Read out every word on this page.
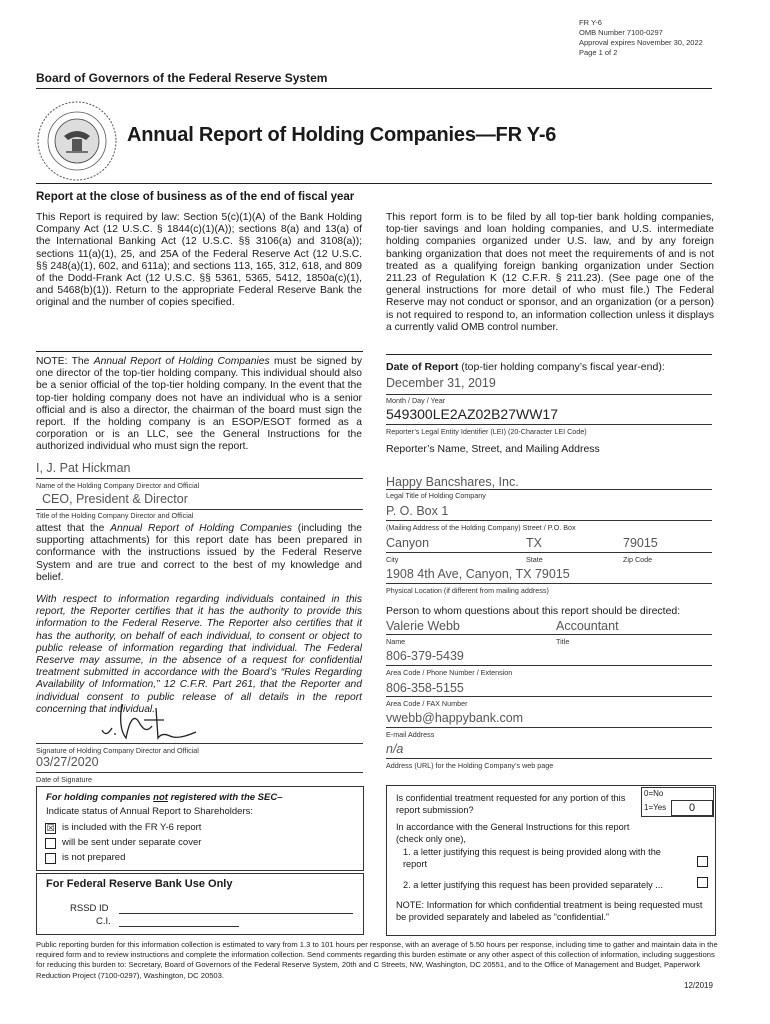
FR Y-6
OMB Number 7100-0297
Approval expires November 30, 2022
Page 1 of 2
Board of Governors of the Federal Reserve System
Annual Report of Holding Companies—FR Y-6
Report at the close of business as of the end of fiscal year
This Report is required by law: Section 5(c)(1)(A) of the Bank Holding Company Act (12 U.S.C. § 1844(c)(1)(A)); sections 8(a) and 13(a) of the International Banking Act (12 U.S.C. §§ 3106(a) and 3108(a)); sections 11(a)(1), 25, and 25A of the Federal Reserve Act (12 U.S.C. §§ 248(a)(1), 602, and 611a); and sections 113, 165, 312, 618, and 809 of the Dodd-Frank Act (12 U.S.C. §§ 5361, 5365, 5412, 1850a(c)(1), and 5468(b)(1)). Return to the appropriate Federal Reserve Bank the original and the number of copies specified.
This report form is to be filed by all top-tier bank holding companies, top-tier savings and loan holding companies, and U.S. intermediate holding companies organized under U.S. law, and by any foreign banking organization that does not meet the requirements of and is not treated as a qualifying foreign banking organization under Section 211.23 of Regulation K (12 C.F.R. § 211.23). (See page one of the general instructions for more detail of who must file.) The Federal Reserve may not conduct or sponsor, and an organization (or a person) is not required to respond to, an information collection unless it displays a currently valid OMB control number.
NOTE: The Annual Report of Holding Companies must be signed by one director of the top-tier holding company. This individual should also be a senior official of the top-tier holding company. In the event that the top-tier holding company does not have an individual who is a senior official and is also a director, the chairman of the board must sign the report. If the holding company is an ESOP/ESOT formed as a corporation or is an LLC, see the General Instructions for the authorized individual who must sign the report.
I, J. Pat Hickman
Name of the Holding Company Director and Official
CEO, President & Director
Title of the Holding Company Director and Official
attest that the Annual Report of Holding Companies (including the supporting attachments) for this report date has been prepared in conformance with the instructions issued by the Federal Reserve System and are true and correct to the best of my knowledge and belief.
With respect to information regarding individuals contained in this report, the Reporter certifies that it has the authority to provide this information to the Federal Reserve. The Reporter also certifies that it has the authority, on behalf of each individual, to consent or object to public release of information regarding that individual. The Federal Reserve may assume, in the absence of a request for confidential treatment submitted in accordance with the Board’s “Rules Regarding Availability of Information,” 12 C.F.R. Part 261, that the Reporter and individual consent to public release of all details in the report concerning that individual.
Signature of Holding Company Director and Official
03/27/2020
Date of Signature
For holding companies not registered with the SEC–
Indicate status of Annual Report to Shareholders:
☒ is included with the FR Y-6 report
will be sent under separate cover
is not prepared
For Federal Reserve Bank Use Only
RSSD ID
C.I.
Date of Report (top-tier holding company’s fiscal year-end):
December 31, 2019
Month / Day / Year
549300LE2AZ02B27WW17
Reporter’s Legal Entity Identifier (LEI) (20-Character LEI Code)
Reporter’s Name, Street, and Mailing Address
Happy Bancshares, Inc.
Legal Title of Holding Company
P. O. Box 1
(Mailing Address of the Holding Company) Street / P.O. Box
Canyon	TX	79015
City	State	Zip Code
1908 4th Ave, Canyon, TX 79015
Physical Location (if different from mailing address)
Person to whom questions about this report should be directed:
Valerie Webb	Accountant
Name	Title
806-379-5439
Area Code / Phone Number / Extension
806-358-5155
Area Code / FAX Number
vwebb@happybank.com
E-mail Address
n/a
Address (URL) for the Holding Company’s web page
Is confidential treatment requested for any portion of this report submission?
0=No
1=Yes	0
In accordance with the General Instructions for this report (check only one),
1. a letter justifying this request is being provided along with the report
2. a letter justifying this request has been provided separately ...
NOTE: Information for which confidential treatment is being requested must be provided separately and labeled as “confidential.”
Public reporting burden for this information collection is estimated to vary from 1.3 to 101 hours per response, with an average of 5.50 hours per response, including time to gather and maintain data in the required form and to review instructions and complete the information collection. Send comments regarding this burden estimate or any other aspect of this collection of information, including suggestions for reducing this burden to: Secretary, Board of Governors of the Federal Reserve System, 20th and C Streets, NW, Washington, DC 20551, and to the Office of Management and Budget, Paperwork Reduction Project (7100-0297), Washington, DC 20503.
12/2019
